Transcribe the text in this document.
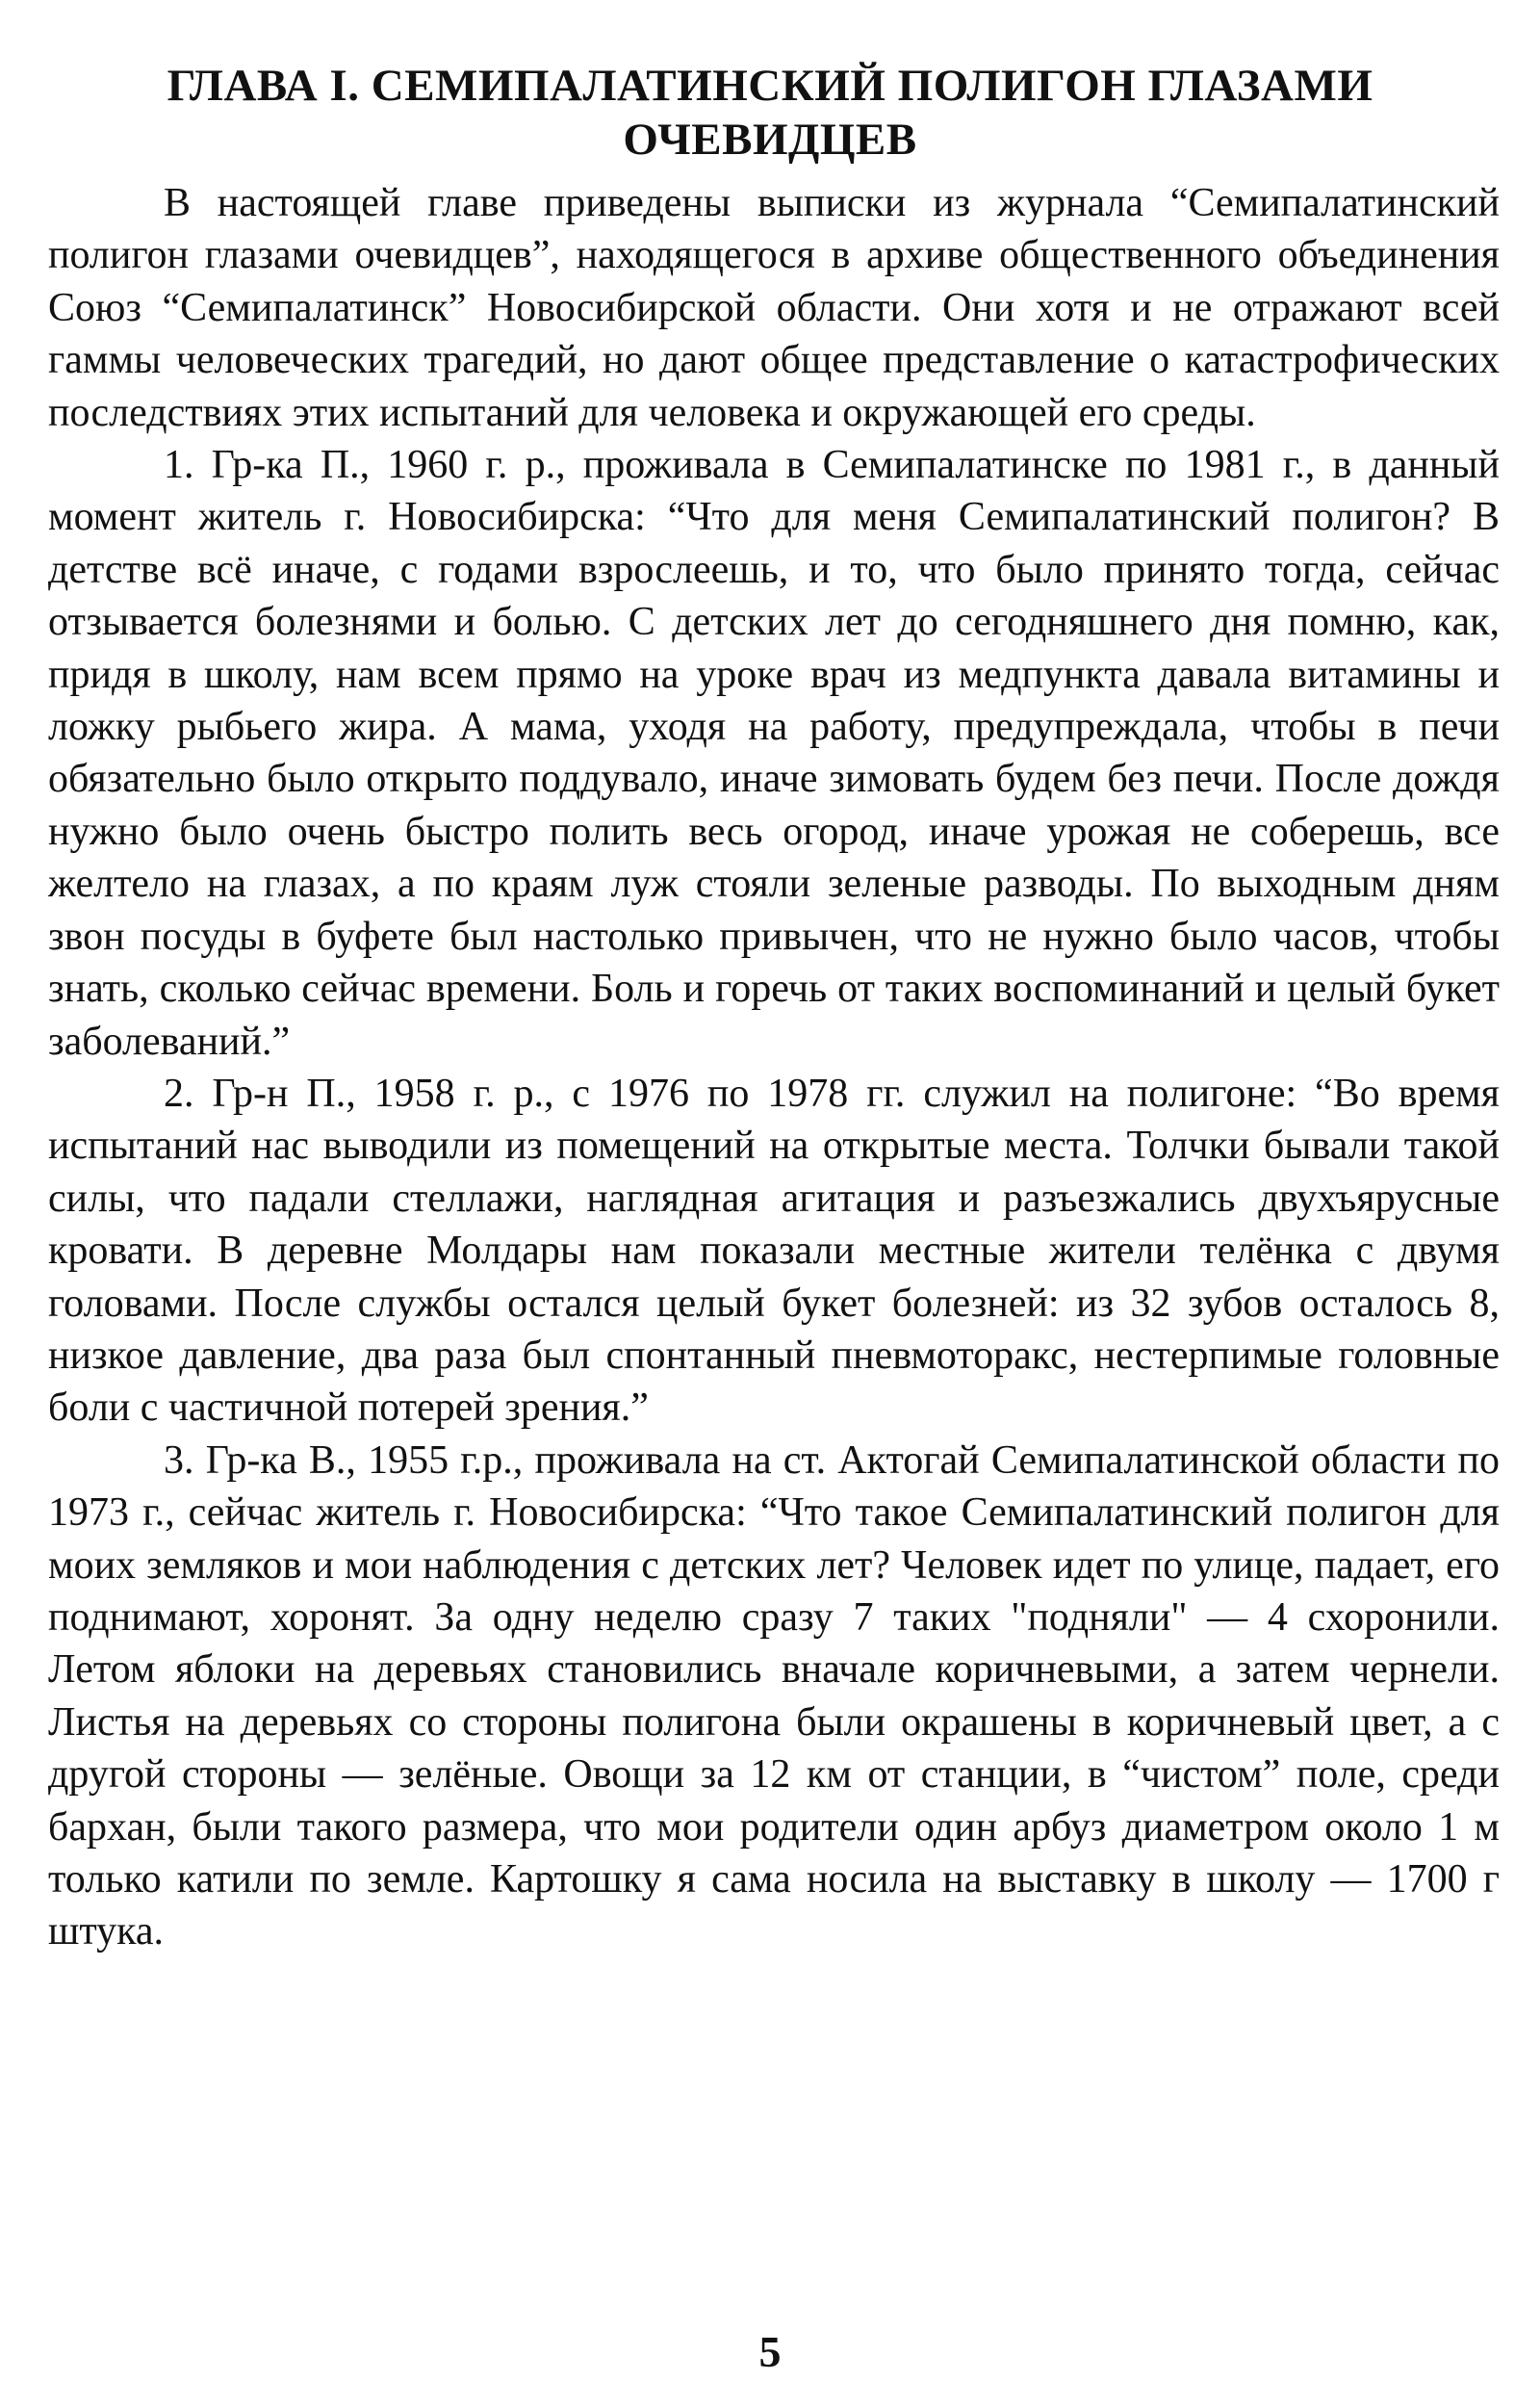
ГЛАВА I. СЕМИПАЛАТИНСКИЙ ПОЛИГОН ГЛАЗАМИ
ОЧЕВИДЦЕВ

В настоящей главе приведены выписки из журнала “Семипалатинский полигон глазами очевидцев”, находящегося в архиве общественного объединения Союз “Семипалатинск” Новосибирской области. Они хотя и не отражают всей гаммы человеческих трагедий, но дают общее представление о катастрофических последствиях этих испытаний для человека и окружающей его среды.

1. Гр-ка П., 1960 г. р., проживала в Семипалатинске по 1981 г., в данный момент житель г. Новосибирска: “Что для меня Семипалатинский полигон? В детстве всё иначе, с годами взрослеешь, и то, что было принято тогда, сейчас отзывается болезнями и болью. С детских лет до сегодняшнего дня помню, как, придя в школу, нам всем прямо на уроке врач из медпункта давала витамины и ложку рыбьего жира. А мама, уходя на работу, предупреждала, чтобы в печи обязательно было открыто поддувало, иначе зимовать будем без печи. После дождя нужно было очень быстро полить весь огород, иначе урожая не соберешь, все желтело на глазах, а по краям луж стояли зеленые разводы. По выходным дням звон посуды в буфете был настолько привычен, что не нужно было часов, чтобы знать, сколько сейчас времени. Боль и горечь от таких воспоминаний и целый букет заболеваний.”

2. Гр-н П., 1958 г. р., с 1976 по 1978 гг. служил на полигоне: “Во время испытаний нас выводили из помещений на открытые места. Толчки бывали такой силы, что падали стеллажи, наглядная агитация и разъезжались двухъярусные кровати. В деревне Молдары нам показали местные жители телёнка с двумя головами. После службы остался целый букет болезней: из 32 зубов осталось 8, низкое давление, два раза был спонтанный пневмоторакс, нестерпимые головные боли с частичной потерей зрения.”

3. Гр-ка В., 1955 г.р., проживала на ст. Актогай Семипалатинской области по 1973 г., сейчас житель г. Новосибирска: “Что такое Семипалатинский полигон для моих земляков и мои наблюдения с детских лет? Человек идет по улице, падает, его поднимают, хоронят. За одну неделю сразу 7 таких "подняли" — 4 схоронили. Летом яблоки на деревьях становились вначале коричневыми, а затем чернели. Листья на деревьях со стороны полигона были окрашены в коричневый цвет, а с другой стороны — зелёные. Овощи за 12 км от станции, в “чистом” поле, среди бархан, были такого размера, что мои родители один арбуз диаметром около 1 м только катили по земле. Картошку я сама носила на выставку в школу — 1700 г штука.

5
